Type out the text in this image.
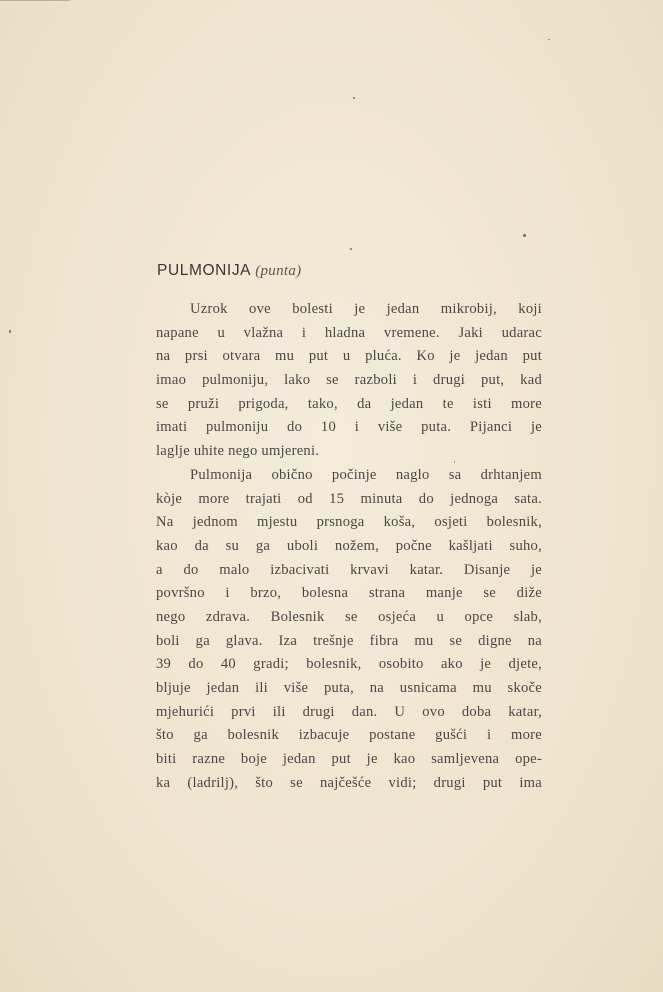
PULMONIJA (punta)
Uzrok ove bolesti je jedan mikrobij, koji
napane u vlažna i hladna vremene. Jaki udarac
na prsi otvara mu put u pluća. Ko je jedan put
imao pulmoniju, lako se razboli i drugi put, kad
se pruži prigoda, tako, da jedan te isti more
imati pulmoniju do 10 i više puta. Pijanci je
laglje uhite nego umjereni.
Pulmonija obično počinje naglo sa drhtanjem
kòje more trajati od 15 minuta do jednoga sata.
Na jednom mjestu prsnoga koša, osjeti bolesnik,
kao da su ga uboli nožem, počne kašljati suho,
a do malo izbacivati krvavi katar. Disanje je
površno i brzo, bolesna strana manje se diže
nego zdrava. Bolesnik se osjeća u opce slab,
boli ga glava. Iza trešnje fibra mu se digne na
39 do 40 gradi; bolesnik, osobito ako je djete,
bljuje jedan ili više puta, na usnicama mu skoče
mjehurići prvi ili drugi dan. U ovo doba katar,
što ga bolesnik izbacuje postane gušći i more
biti razne boje jedan put je kao samljevena ope-
ka (ladrilj), što se najčešće vidi; drugi put ima
